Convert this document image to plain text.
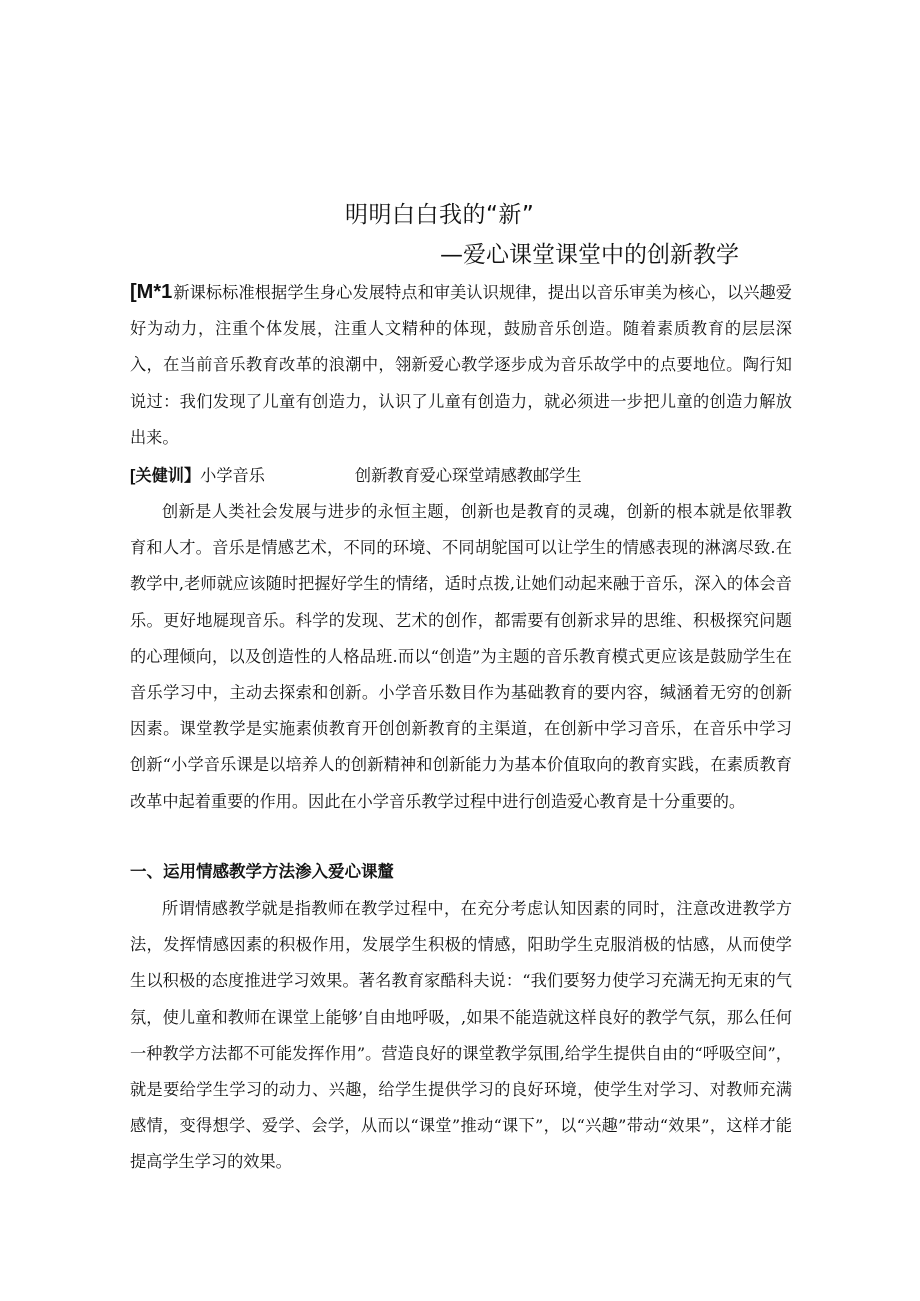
明明白白我的“新”
—爱心课堂课堂中的创新教学
[M*1新课标标准根据学生身心发展特点和审美认识规律，提出以音乐审美为核心，以兴趣爱好为动力，注重个体发展，注重人文精种的体现，鼓励音乐创造。随着素质教育的层层深入，在当前音乐教育改革的浪潮中，翎新爱心教学逐步成为音乐故学中的点要地位。陶行知说过：我们发现了儿童有创造力，认识了儿童有创造力，就必须进一步把儿童的创造力解放出来。
[关健训】小学音乐	创新教育爱心琛堂靖感教邮学生
创新是人类社会发展与进步的永恒主题，创新也是教育的灵魂，创新的根本就是依罪教育和人才。音乐是情感艺术，不同的环境、不同胡鸵国可以让学生的情感表现的淋漓尽致.在教学中,老师就应该随时把握好学生的情绪，适时点拨,让她们动起来融于音乐，深入的体会音乐。更好地屣现音乐。科学的发现、艺术的创作，都需要有创新求异的思维、积极探究问题的心理倾向，以及创造性的人格品班.而以“创造”为主题的音乐教育模式更应该是鼓励学生在音乐学习中，主动去探索和创新。小学音乐数目作为基础教育的要内容，缄涵着无穷的创新因素。课堂教学是实施素侦教育开创创新教育的主渠道，在创新中学习音乐，在音乐中学习创新“小学音乐课是以培养人的创新精神和创新能力为基本价值取向的教育实践，在素质教育改革中起着重要的作用。因此在小学音乐教学过程中进行创造爱心教育是十分重要的。
一、运用情感教学方法渗入爱心课釐
所谓情感教学就是指教师在教学过程中，在充分考虑认知因素的同时，注意改进教学方法，发挥情感因素的积极作用，发展学生积极的情感，阳助学生克服消极的怙感，从而使学生以积极的态度推进学习效果。著名教育家酷科夫说：“我们要努力使学习充满无拘无束的气氛，使儿童和教师在课堂上能够’自由地呼吸，,如果不能造就这样良好的教学气氛，那么任何一种教学方法都不可能发挥作用”。营造良好的课堂教学氛围,给学生提供自由的“呼吸空间”，就是要给学生学习的动力、兴趣，给学生提供学习的良好环境，使学生对学习、对教师充满感情，变得想学、爱学、会学，从而以“课堂”推动“课下”，以“兴趣”带动“效果”，这样才能提高学生学习的效果。
